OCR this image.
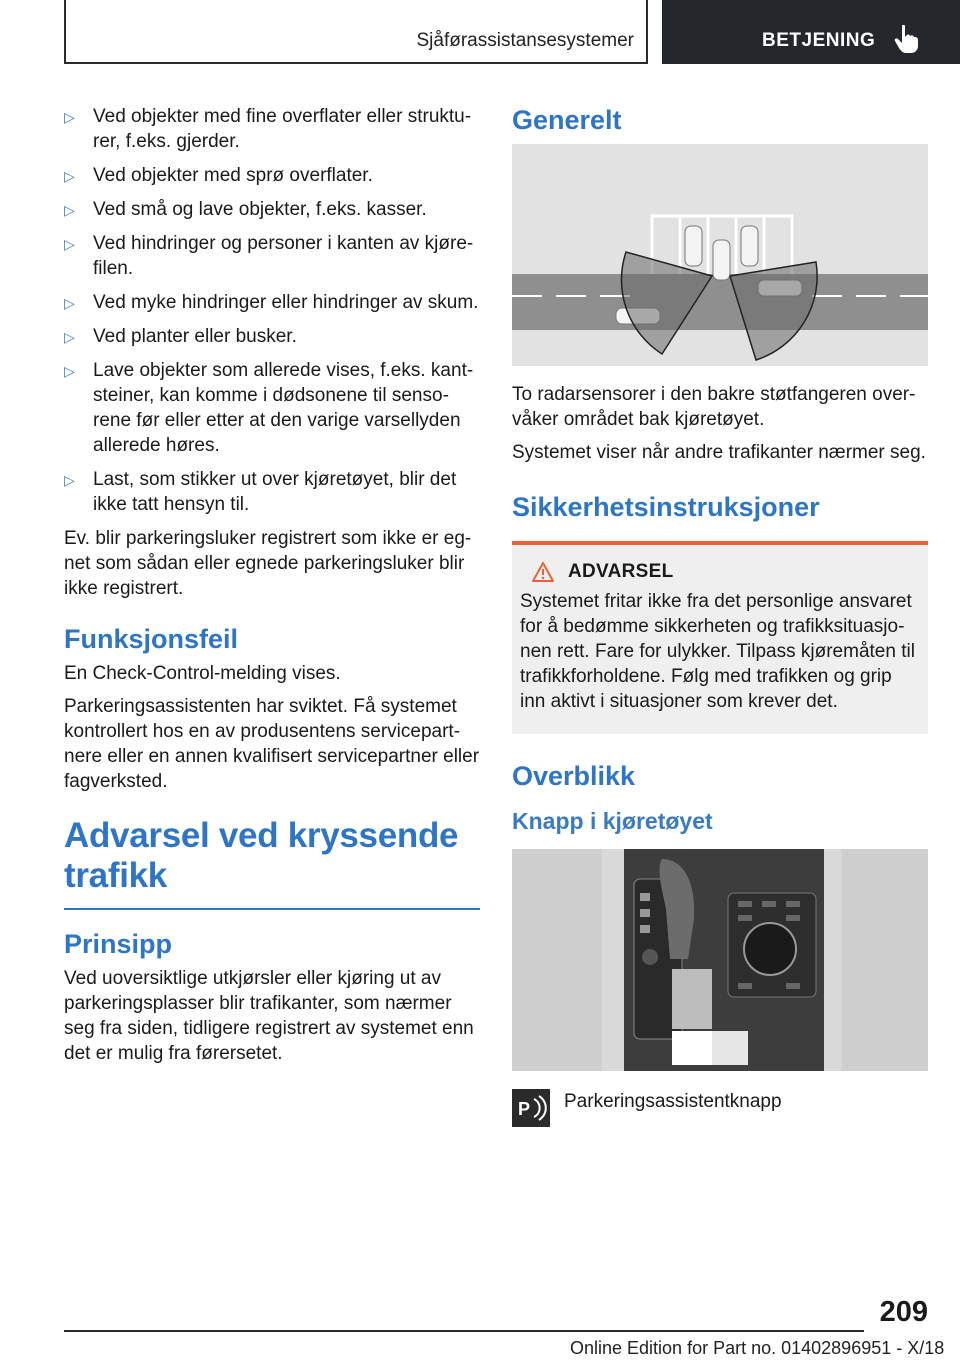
Sjåførassistansesystemer	BETJENING
▷ Ved objekter med fine overflater eller strukturer, f.eks. gjerder.
▷ Ved objekter med sprø overflater.
▷ Ved små og lave objekter, f.eks. kasser.
▷ Ved hindringer og personer i kanten av kjørefilen.
▷ Ved myke hindringer eller hindringer av skum.
▷ Ved planter eller busker.
▷ Lave objekter som allerede vises, f.eks. kantsteiner, kan komme i dødsonene til sensorene før eller etter at den varige varsellyden allerede høres.
▷ Last, som stikker ut over kjøretøyet, blir det ikke tatt hensyn til.

Ev. blir parkeringsluker registrert som ikke er egnet som sådan eller egnede parkeringsluker blir ikke registrert.

Funksjonsfeil

En Check-Control-melding vises.

Parkeringsassistenten har sviktet. Få systemet kontrollert hos en av produsentens servicepartnere eller en annen kvalifisert servicepartner eller fagverksted.

Advarsel ved kryssende trafikk
Prinsipp

Ved uoversiktlige utkjørsler eller kjøring ut av parkeringsplasser blir trafikanter, som nærmer seg fra siden, tidligere registrert av systemet enn det er mulig fra førersetet.

Generelt

To radarsensorer i den bakre støtfangeren overvåker området bak kjøretøyet.

Systemet viser når andre trafikanter nærmer seg.

Sikkerhetsinstruksjoner
ADVARSEL
Systemet fritar ikke fra det personlige ansvaret for å bedømme sikkerheten og trafikksituasjonen rett. Fare for ulykker. Tilpass kjøremåten til trafikkforholdene. Følg med trafikken og grip inn aktivt i situasjoner som krever det.
Overblikk
Knapp i kjøretøyet
P Parkeringsassistentknapp
209
Online Edition for Part no. 01402896951 - X/18
